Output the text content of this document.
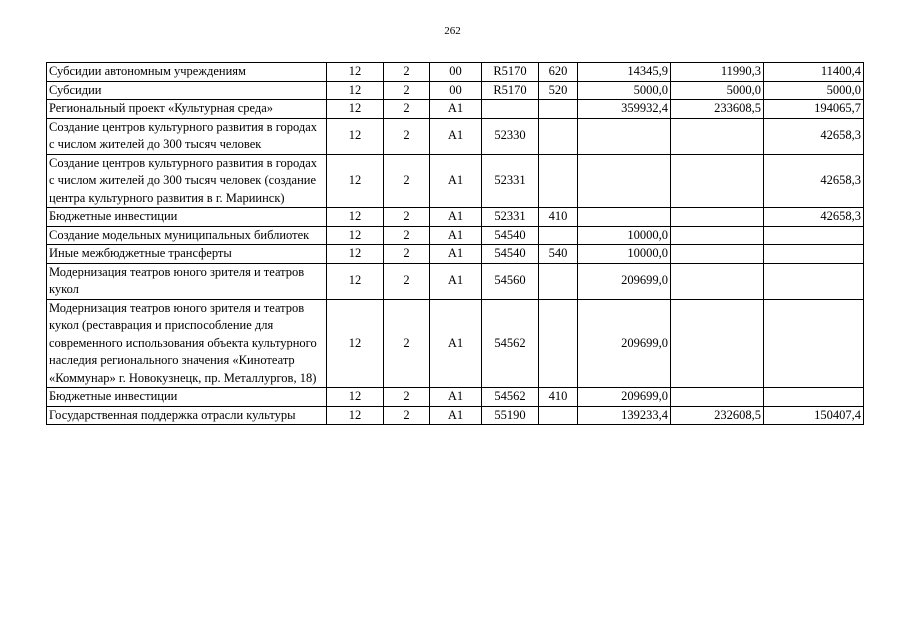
262
Субсидии автономным учреждениям	12	2	00	R5170	620	14345,9	11990,3	11400,4
Субсидии	12	2	00	R5170	520	5000,0	5000,0	5000,0
Региональный проект «Культурная среда»	12	2	A1			359932,4	233608,5	194065,7
Создание центров культурного развития в городах с числом жителей до 300 тысяч человек	12	2	A1	52330				42658,3
Создание центров культурного развития в городах с числом жителей до 300 тысяч человек (создание центра культурного развития в г. Мариинск)	12	2	A1	52331				42658,3
Бюджетные инвестиции	12	2	A1	52331	410			42658,3
Создание модельных муниципальных библиотек	12	2	A1	54540		10000,0		
Иные межбюджетные трансферты	12	2	A1	54540	540	10000,0		
Модернизация театров юного зрителя и театров кукол	12	2	A1	54560		209699,0		
Модернизация театров юного зрителя и театров кукол (реставрация и приспособление для современного использования объекта культурного наследия регионального значения «Кинотеатр «Коммунар» г. Новокузнецк, пр. Металлургов, 18)	12	2	A1	54562		209699,0		
Бюджетные инвестиции	12	2	A1	54562	410	209699,0		
Государственная поддержка отрасли культуры	12	2	A1	55190		139233,4	232608,5	150407,4
